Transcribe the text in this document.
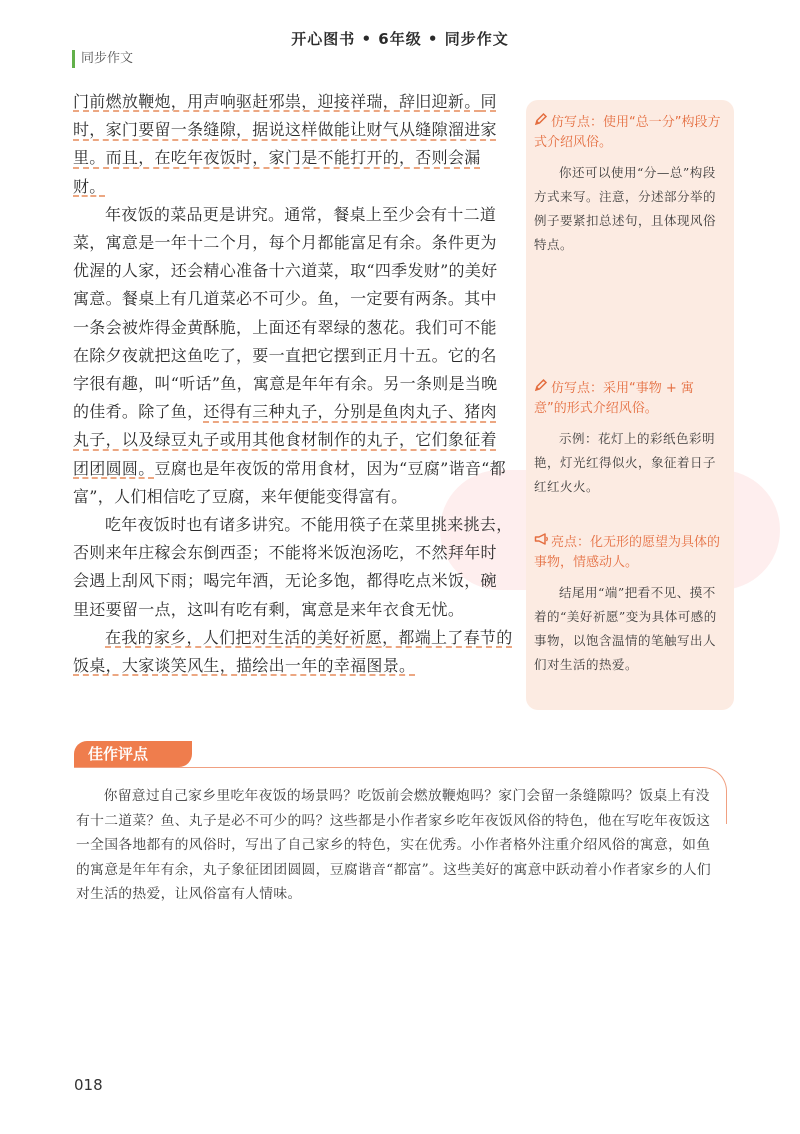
开心图书 • 6年级 • 同步作文
同步作文

门前燃放鞭炮，用声响驱赶邪祟，迎接祥瑞，辞旧迎新。同时，家门要留一条缝隙，据说这样做能让财气从缝隙溜进家里。而且，在吃年夜饭时，家门是不能打开的，否则会漏财。

年夜饭的菜品更是讲究。通常，餐桌上至少会有十二道菜，寓意是一年十二个月，每个月都能富足有余。条件更为优渥的人家，还会精心准备十六道菜，取“四季发财”的美好寓意。餐桌上有几道菜必不可少。鱼，一定要有两条。其中一条会被炸得金黄酥脆，上面还有翠绿的葱花。我们可不能在除夕夜就把这鱼吃了，要一直把它摆到正月十五。它的名字很有趣，叫“听话”鱼，寓意是年年有余。另一条则是当晚的佳肴。除了鱼，还得有三种丸子，分别是鱼肉丸子、猪肉丸子，以及绿豆丸子或用其他食材制作的丸子，它们象征着团团圆圆。豆腐也是年夜饭的常用食材，因为“豆腐”谐音“都富”，人们相信吃了豆腐，来年便能变得富有。

吃年夜饭时也有诸多讲究。不能用筷子在菜里挑来挑去，否则来年庄稼会东倒西歪；不能将米饭泡汤吃，不然拜年时会遇上刮风下雨；喝完年酒，无论多饱，都得吃点米饭，碗里还要留一点，这叫有吃有剩，寓意是来年衣食无忧。

在我的家乡，人们把对生活的美好祈愿，都端上了春节的饭桌，大家谈笑风生，描绘出一年的幸福图景。

仿写点：使用“总一分”构段方式介绍风俗。
你还可以使用“分—总”构段方式来写。注意，分述部分举的例子要紧扣总述句，且体现风俗特点。
仿写点：采用“事物 + 寓意”的形式介绍风俗。
示例：花灯上的彩纸色彩明艳，灯光红得似火，象征着日子红红火火。
亮点：化无形的愿望为具体的事物，情感动人。
结尾用“端”把看不见、摸不着的“美好祈愿”变为具体可感的事物，以饱含温情的笔触写出人们对生活的热爱。
佳作评点
你留意过自己家乡里吃年夜饭的场景吗？吃饭前会燃放鞭炮吗？家门会留一条缝隙吗？饭桌上有没有十二道菜？鱼、丸子是必不可少的吗？这些都是小作者家乡吃年夜饭风俗的特色，他在写吃年夜饭这一全国各地都有的风俗时，写出了自己家乡的特色，实在优秀。小作者格外注重介绍风俗的寓意，如鱼的寓意是年年有余，丸子象征团团圆圆，豆腐谐音“都富”。这些美好的寓意中跃动着小作者家乡的人们对生活的热爱，让风俗富有人情味。
018
